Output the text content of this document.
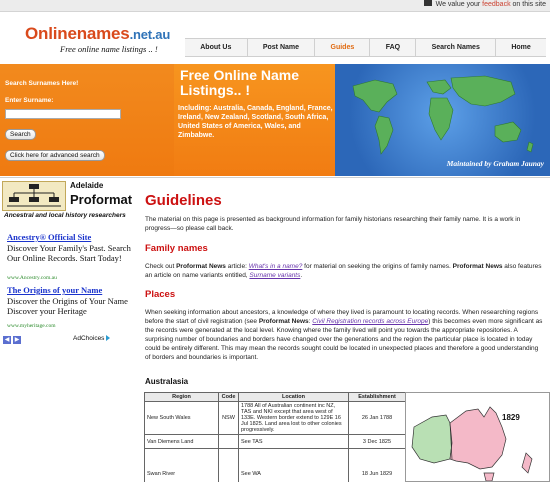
We value your feedback on this site
Onlinenames.net.au
Free online name listings .. !	About Us	Post Name	Guides	FAQ	Search Names	Home
Search Surnames Here!
Enter Surname:
Search
Click here for advanced search
Free Online Name Listings.. !
Including: Australia, Canada, England, France, Ireland, New Zealand, Scotland, South Africa, United States of America, Wales, and Zimbabwe.
Maintained by Graham Jaunay
Adelaide
Proformat
Ancestral and local history researchers
Ancestry® Official Site
Discover Your Family's Past. Search Our Online Records. Start Today!
www.Ancestry.com.au
The Origins of your Name
Discover the Origins of Your Name Discover your Heritage
www.myheritage.com
◀ ▶	AdChoices
Guidelines
The material on this page is presented as background information for family historians researching their family name. It is a work in progress—so please call back.
Family names
Check out Proformat News article: What's in a name? for material on seeking the origins of family names. Proformat News also features an article on name variants entitled, Surname variants.
Places
When seeking information about ancestors, a knowledge of where they lived is paramount to locating records. When researching regions before the start of civil registration (see Proformat News: Civil Registration records across Europe) this becomes even more significant as the records were generated at the local level. Knowing where the family lived will point you towards the appropriate repositories. A surprising number of boundaries and borders have changed over the generations and the region the particular place is located in today could be entirely different. This may mean the records sought could be located in unexpected places and therefore a good understanding of borders and boundaries is important.
Australasia
Region	Code	Location	Establishment
New South Wales	NSW	1788 All of Australian continent inc NZ, TAS and NKI except that area west of 133E. Western border extend to 129E 16 Jul 1825. Land area lost to other colonies progressively.	26 Jan 1788
Van Diemens Land		See TAS	3 Dec 1825
Swan River		See WA	18 Jun 1829
1829
